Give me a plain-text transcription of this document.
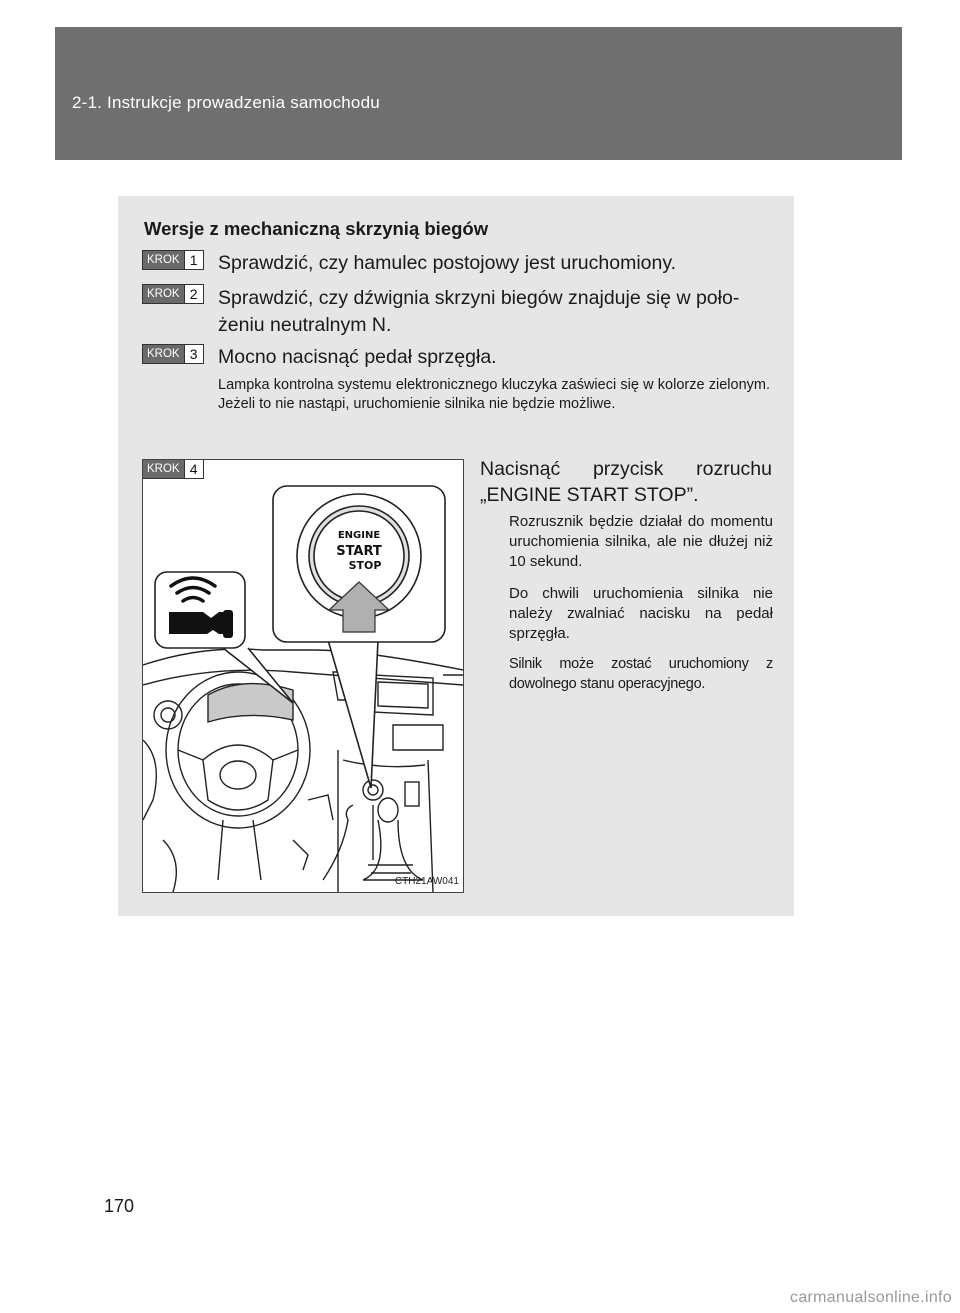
2-1. Instrukcje prowadzenia samochodu
Wersje z mechaniczną skrzynią biegów
KROK 1 Sprawdzić, czy hamulec postojowy jest uruchomiony.
KROK 2 Sprawdzić, czy dźwignia skrzyni biegów znajduje się w poło-
żeniu neutralnym N.
KROK 3 Mocno nacisnąć pedał sprzęgła.
Lampka kontrolna systemu elektronicznego kluczyka zaświeci się w kolorze zielonym. Jeżeli to nie nastąpi, uruchomienie silnika nie będzie możliwe.
KROK 4
ENGINE
START
STOP
CTH21AW041
Nacisnąć przycisk rozruchu „ENGINE START STOP”.
Rozrusznik będzie działał do momentu uruchomienia silnika, ale nie dłużej niż 10 sekund.
Do chwili uruchomienia silnika nie należy zwalniać nacisku na pedał sprzęgła.
Silnik może zostać uruchomiony z dowolnego stanu operacyjnego.
170
carmanualsonline.info
